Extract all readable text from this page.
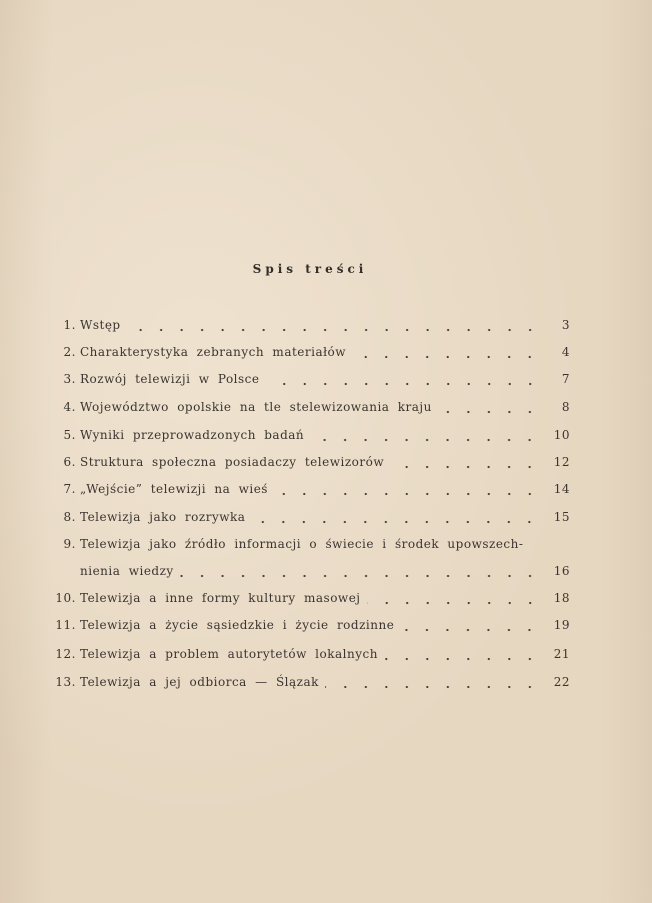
Spis treści
1. Wstęp	3
2. Charakterystyka zebranych materiałów	4
3. Rozwój telewizji w Polsce	7
4. Województwo opolskie na tle stelewizowania kraju	8
5. Wyniki przeprowadzonych badań	10
6. Struktura społeczna posiadaczy telewizorów	12
7. „Wejście” telewizji na wieś	14
8. Telewizja jako rozrywka	15
9. Telewizja jako źródło informacji o świecie i środek upowszech-
nienia wiedzy	16
10. Telewizja a inne formy kultury masowej	18
11. Telewizja a życie sąsiedzkie i życie rodzinne	19
12. Telewizja a problem autorytetów lokalnych	21
13. Telewizja a jej odbiorca — Ślązak	22
